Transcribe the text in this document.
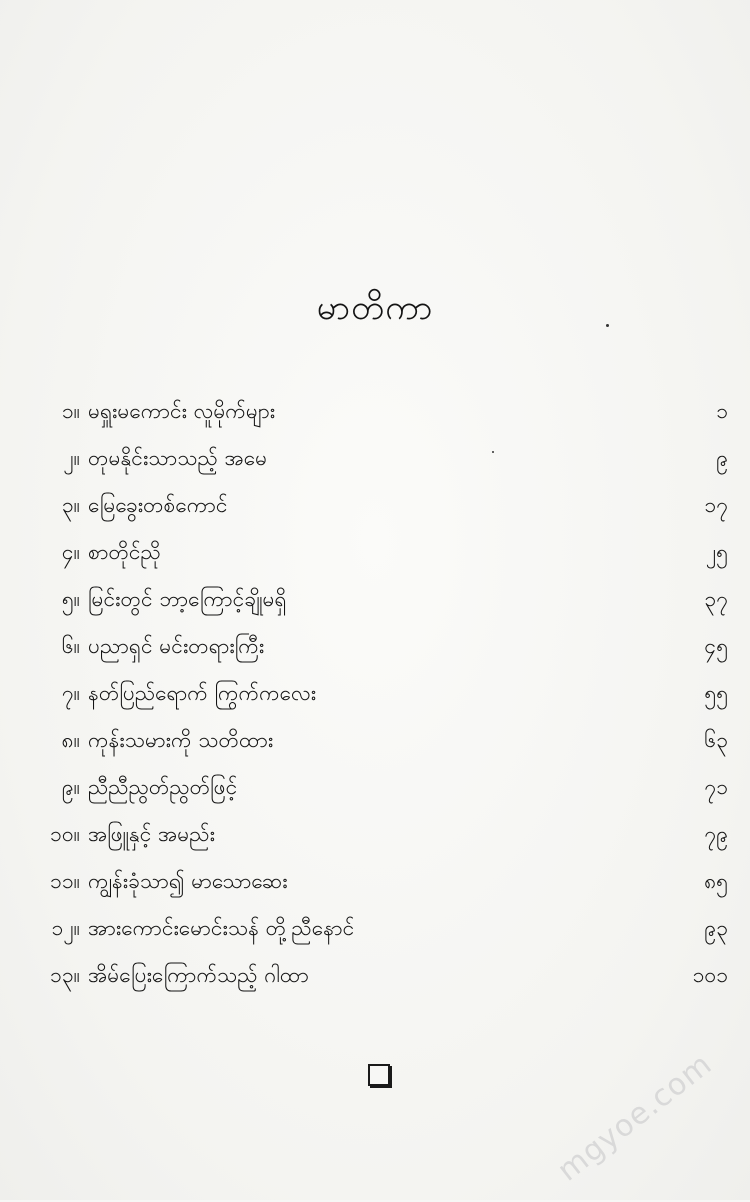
မာတိကာ
၁။ မရှူးမကောင်း လူမိုက်များ	၁
၂။ တုမနိုင်းသာသည့် အမေ	၉
၃။ မြေခွေးတစ်ကောင်	၁၇
၄။ စာတိုင်ညို	၂၅
၅။ မြင်းတွင် ဘာ့ကြောင့်ချိုမရှိ	၃၇
၆။ ပညာရှင် မင်းတရားကြီး	၄၅
၇။ နတ်ပြည်ရောက် ကြွက်ကလေး	၅၅
၈။ ကုန်းသမားကို သတိထား	၆၃
၉။ ညီညီညွတ်ညွတ်ဖြင့်	၇၁
၁၀။ အဖြူနှင့် အမည်း	၇၉
၁၁။ ကျွန်းခုံသာ၍ မာသောဆေး	၈၅
၁၂။ အားကောင်းမောင်းသန် တို့ညီနောင်	၉၃
၁၃။ အိမ်ပြေးကြောက်သည့် ဂါထာ	၁၀၁
mgyoe.com
